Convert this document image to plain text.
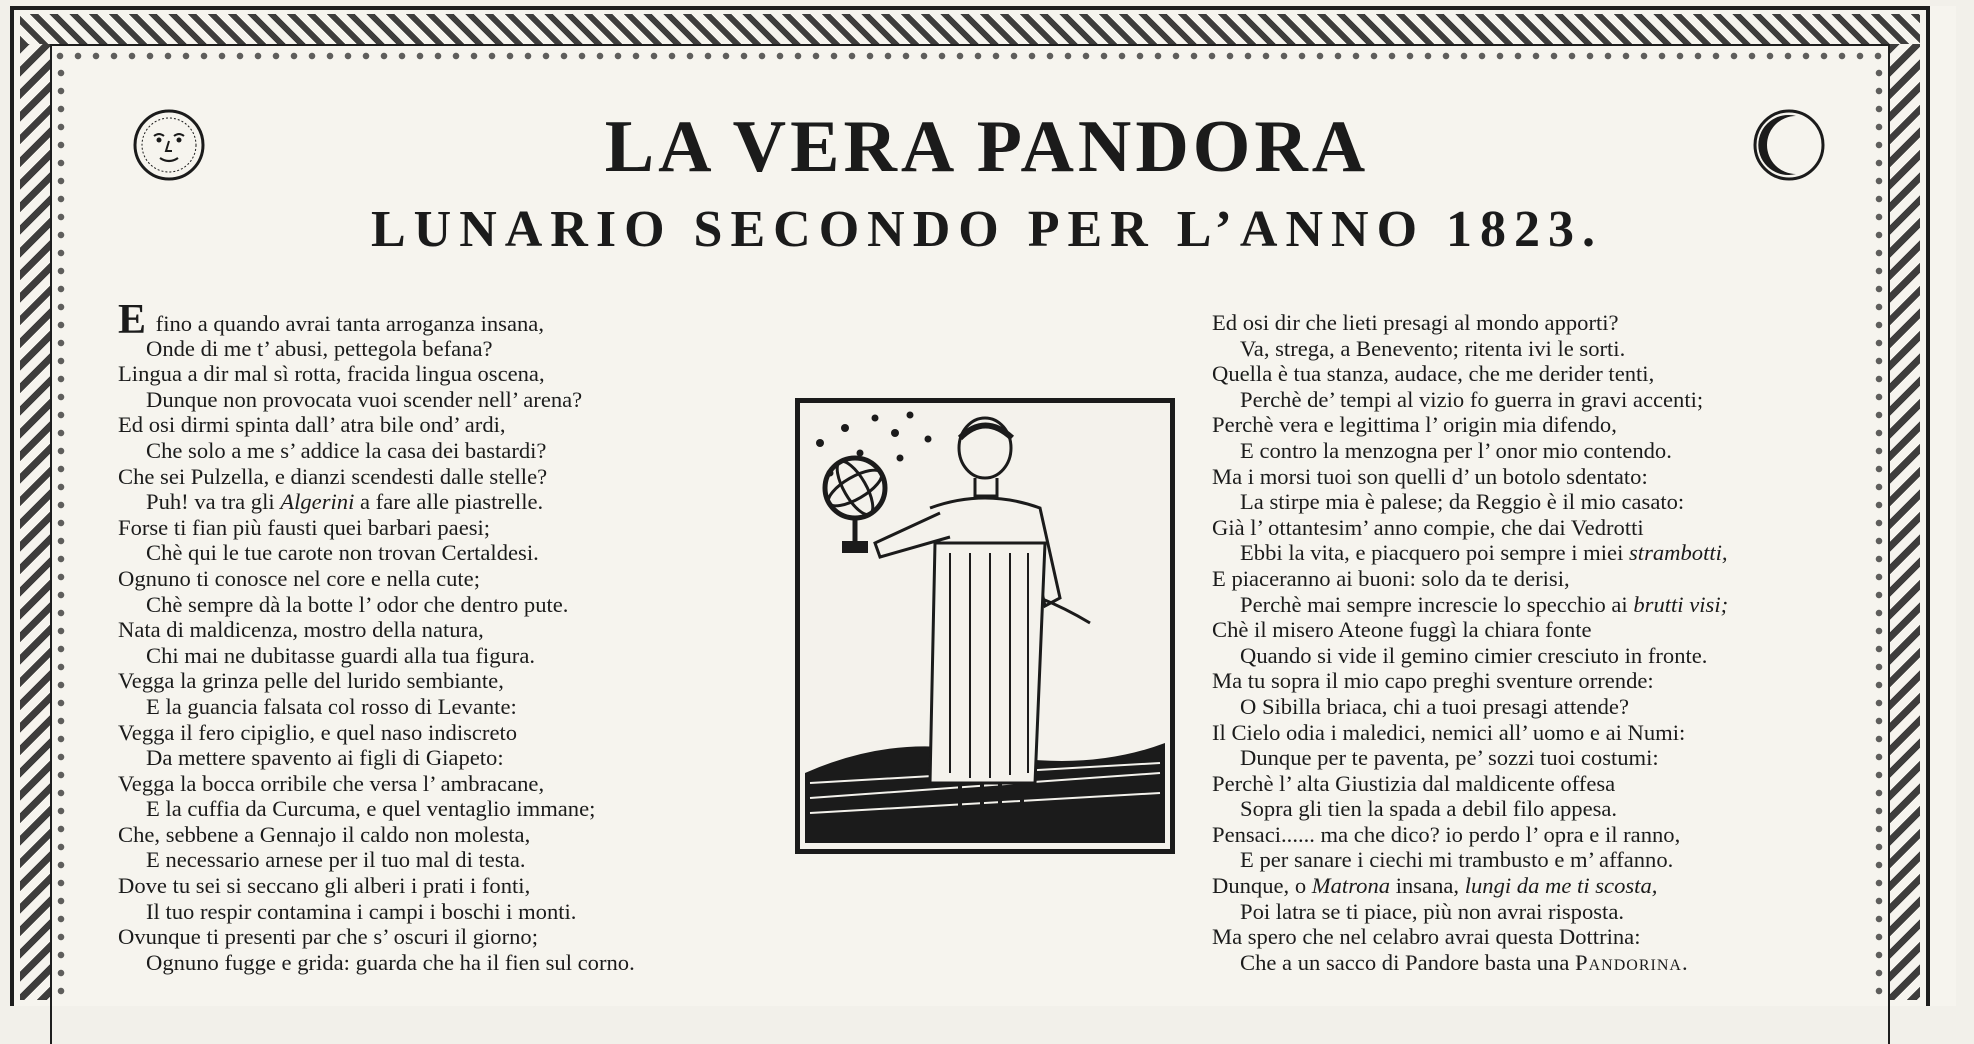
LA VERA PANDORA
LUNARIO SECONDO PER L’ANNO 1823.
E fino a quando avrai tanta arroganza insana,
Onde di me t’ abusi, pettegola befana?
Lingua a dir mal sì rotta, fracida lingua oscena,
Dunque non provocata vuoi scender nell’ arena?
Ed osi dirmi spinta dall’ atra bile ond’ ardi,
Che solo a me s’ addice la casa dei bastardi?
Che sei Pulzella, e dianzi scendesti dalle stelle?
Puh! va tra gli Algerini a fare alle piastrelle.
Forse ti fian più fausti quei barbari paesi;
Chè qui le tue carote non trovan Certaldesi.
Ognuno ti conosce nel core e nella cute;
Chè sempre dà la botte l’ odor che dentro pute.
Nata di maldicenza, mostro della natura,
Chi mai ne dubitasse guardi alla tua figura.
Vegga la grinza pelle del lurido sembiante,
E la guancia falsata col rosso di Levante:
Vegga il fero cipiglio, e quel naso indiscreto
Da mettere spavento ai figli di Giapeto:
Vegga la bocca orribile che versa l’ ambracane,
E la cuffia da Curcuma, e quel ventaglio immane;
Che, sebbene a Gennajo il caldo non molesta,
E necessario arnese per il tuo mal di testa.
Dove tu sei si seccano gli alberi i prati i fonti,
Il tuo respir contamina i campi i boschi i monti.
Ovunque ti presenti par che s’ oscuri il giorno;
Ognuno fugge e grida: guarda che ha il fien sul corno.
Ed osi dir che lieti presagi al mondo apporti?
Va, strega, a Benevento; ritenta ivi le sorti.
Quella è tua stanza, audace, che me derider tenti,
Perchè de’ tempi al vizio fo guerra in gravi accenti;
Perchè vera e legittima l’ origin mia difendo,
E contro la menzogna per l’ onor mio contendo.
Ma i morsi tuoi son quelli d’ un botolo sdentato:
La stirpe mia è palese; da Reggio è il mio casato:
Già l’ ottantesim’ anno compie, che dai Vedrotti
Ebbi la vita, e piacquero poi sempre i miei strambotti,
E piaceranno ai buoni: solo da te derisi,
Perchè mai sempre increscie lo specchio ai brutti visi;
Chè il misero Ateone fuggì la chiara fonte
Quando si vide il gemino cimier cresciuto in fronte.
Ma tu sopra il mio capo preghi sventure orrende:
O Sibilla briaca, chi a tuoi presagi attende?
Il Cielo odia i maledici, nemici all’ uomo e ai Numi:
Dunque per te paventa, pe’ sozzi tuoi costumi:
Perchè l’ alta Giustizia dal maldicente offesa
Sopra gli tien la spada a debil filo appesa.
Pensaci...... ma che dico? io perdo l’ opra e il ranno,
E per sanare i ciechi mi trambusto e m’ affanno.
Dunque, o Matrona insana, lungi da me ti scosta,
Poi latra se ti piace, più non avrai risposta.
Ma spero che nel celabro avrai questa Dottrina:
Che a un sacco di Pandore basta una Pandorina.
